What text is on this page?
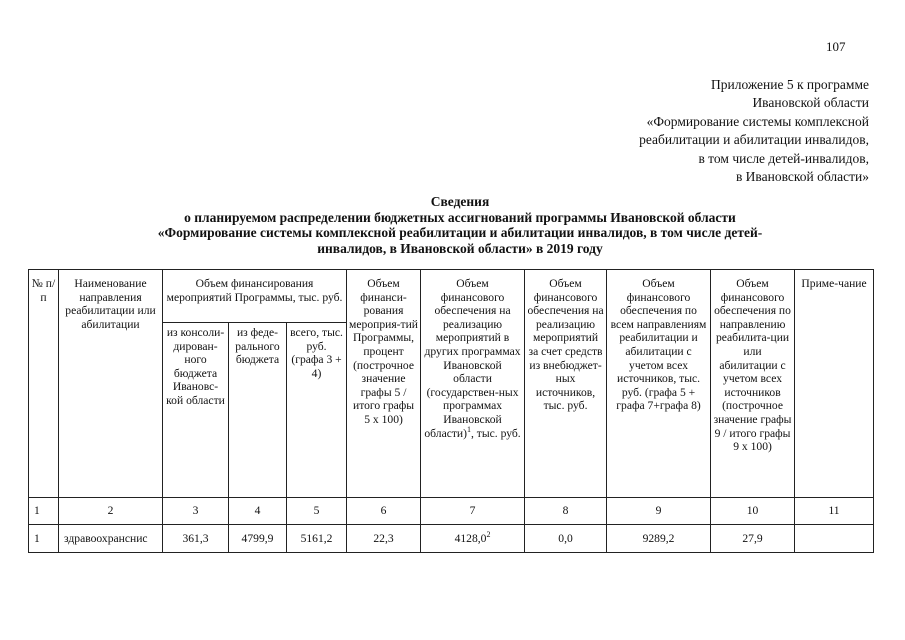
107
Приложение 5 к программе
Ивановской области
«Формирование системы комплексной
реабилитации и абилитации инвалидов,
в том числе детей-инвалидов,
в Ивановской области»
Сведения
о планируемом распределении бюджетных ассигнований программы Ивановской области
«Формирование системы комплексной реабилитации и абилитации инвалидов, в том числе детей-
инвалидов, в Ивановской области» в 2019 году
№ п/п	Наименование направления реабилитации или абилитации	Объем финансирования мероприятий Программы, тыс. руб.			Объем финанси-рования мероприя-тий Программы, процент (построчное значение графы 5 / итого графы 5 x 100)	Объем финансового обеспечения на реализацию мероприятий в других программах Ивановской области (государствен-ных программах Ивановской области)$^1$, тыс. руб.	Объем финансового обеспечения на реализацию мероприятий за счет средств из внебюджет-ных источников, тыс. руб.	Объем финансового обеспечения по всем направлениям реабилитации и абилитации с учетом всех источников, тыс. руб. (графа 5 + графа 7+графа 8)	Объем финансового обеспечения по направлению реабилита-ции или абилитации с учетом всех источников (построчное значение графы 9 / итого графы 9 x 100)	Приме-чание
		из консоли-дирован-ного бюджета Ивановс-кой области	из феде-рального бюджета	всего, тыс. руб. (графа 3 + 4)						
1	2	3	4	5	6	7	8	9	10	11
1	здравоохранснис	361,3	4799,9	5161,2	22,3	4128,0$^2$	0,0	9289,2	27,9	
